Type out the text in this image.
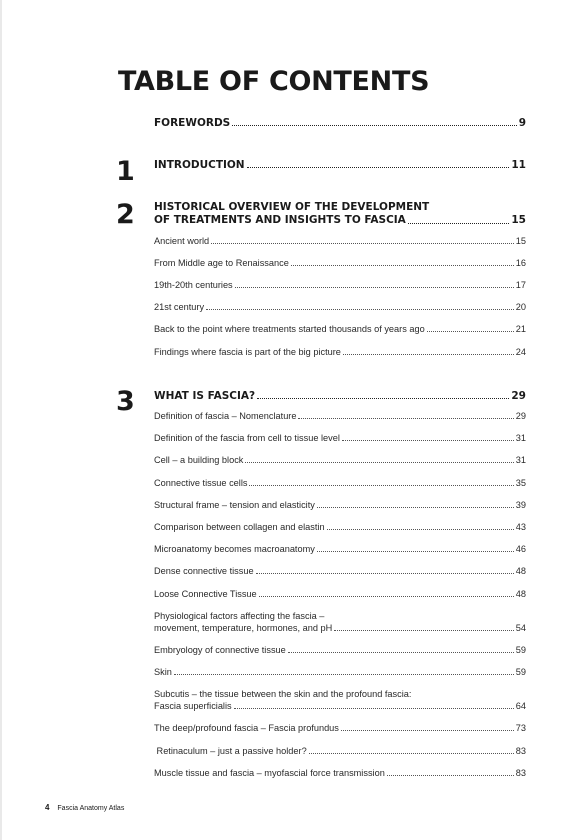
TABLE OF CONTENTS
FOREWORDS	9
1 INTRODUCTION	11
2 HISTORICAL OVERVIEW OF THE DEVELOPMENT
OF TREATMENTS AND INSIGHTS TO FASCIA	15
Ancient world	15
From Middle age to Renaissance	16
19th-20th centuries	17
21st century	20
Back to the point where treatments started thousands of years ago	21
Findings where fascia is part of the big picture	24
3 WHAT IS FASCIA?	29
Definition of fascia – Nomenclature	29
Definition of the fascia from cell to tissue level	31
Cell – a building block	31
Connective tissue cells	35
Structural frame – tension and elasticity	39
Comparison between collagen and elastin	43
Microanatomy becomes macroanatomy	46
Dense connective tissue	48
Loose Connective Tissue	48
Physiological factors affecting the fascia –
movement, temperature, hormones, and pH	54
Embryology of connective tissue	59
Skin	59
Subcutis – the tissue between the skin and the profound fascia:
Fascia superficialis	64
The deep/profound fascia – Fascia profundus	73
Retinaculum – just a passive holder?	83
Muscle tissue and fascia – myofascial force transmission	83
4 Fascia Anatomy Atlas
